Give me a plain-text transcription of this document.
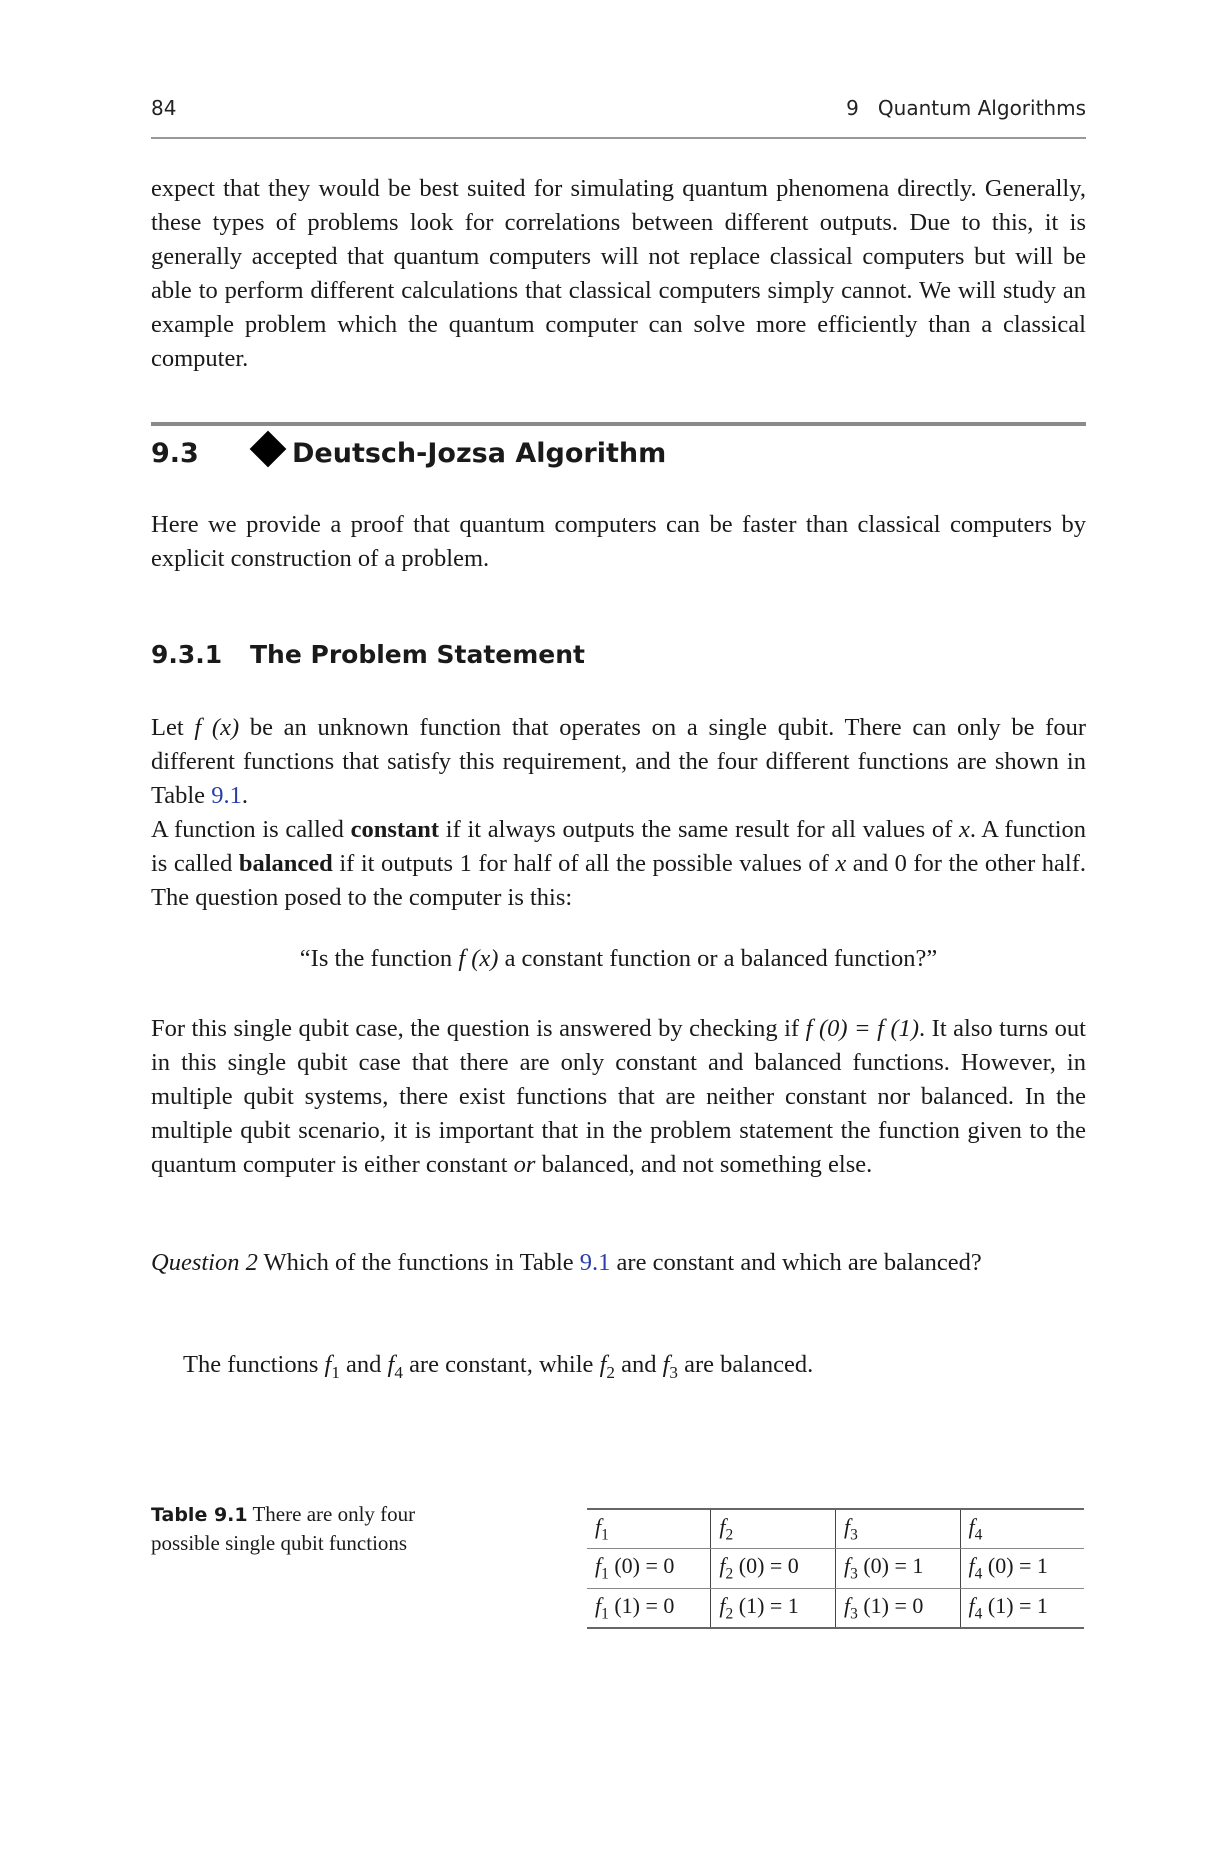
84	9   Quantum Algorithms

expect that they would be best suited for simulating quantum phenomena directly. Generally, these types of problems look for correlations between different outputs. Due to this, it is generally accepted that quantum computers will not replace classical computers but will be able to perform different calculations that classical computers simply cannot. We will study an example problem which the quantum computer can solve more efficiently than a classical computer.

9.3	Deutsch-Jozsa Algorithm

Here we provide a proof that quantum computers can be faster than classical computers by explicit construction of a problem.

9.3.1 The Problem Statement

Let f (x) be an unknown function that operates on a single qubit. There can only be four different functions that satisfy this requirement, and the four different functions are shown in Table 9.1.

A function is called constant if it always outputs the same result for all values of x. A function is called balanced if it outputs 1 for half of all the possible values of x and 0 for the other half. The question posed to the computer is this:

“Is the function f (x) a constant function or a balanced function?”

For this single qubit case, the question is answered by checking if f (0) = f (1). It also turns out in this single qubit case that there are only constant and balanced functions. However, in multiple qubit systems, there exist functions that are neither constant nor balanced. In the multiple qubit scenario, it is important that in the problem statement the function given to the quantum computer is either constant or balanced, and not something else.

Question 2 Which of the functions in Table 9.1 are constant and which are balanced?

The functions $f_1$ and $f_4$ are constant, while $f_2$ and $f_3$ are balanced.
Table 9.1 There are only four possible single qubit functions
$f_1$	$f_2$	$f_3$	$f_4$
$f_1$ (0) = 0	$f_2$ (0) = 0	$f_3$ (0) = 1	$f_4$ (0) = 1
$f_1$ (1) = 0	$f_2$ (1) = 1	$f_3$ (1) = 0	$f_4$ (1) = 1
